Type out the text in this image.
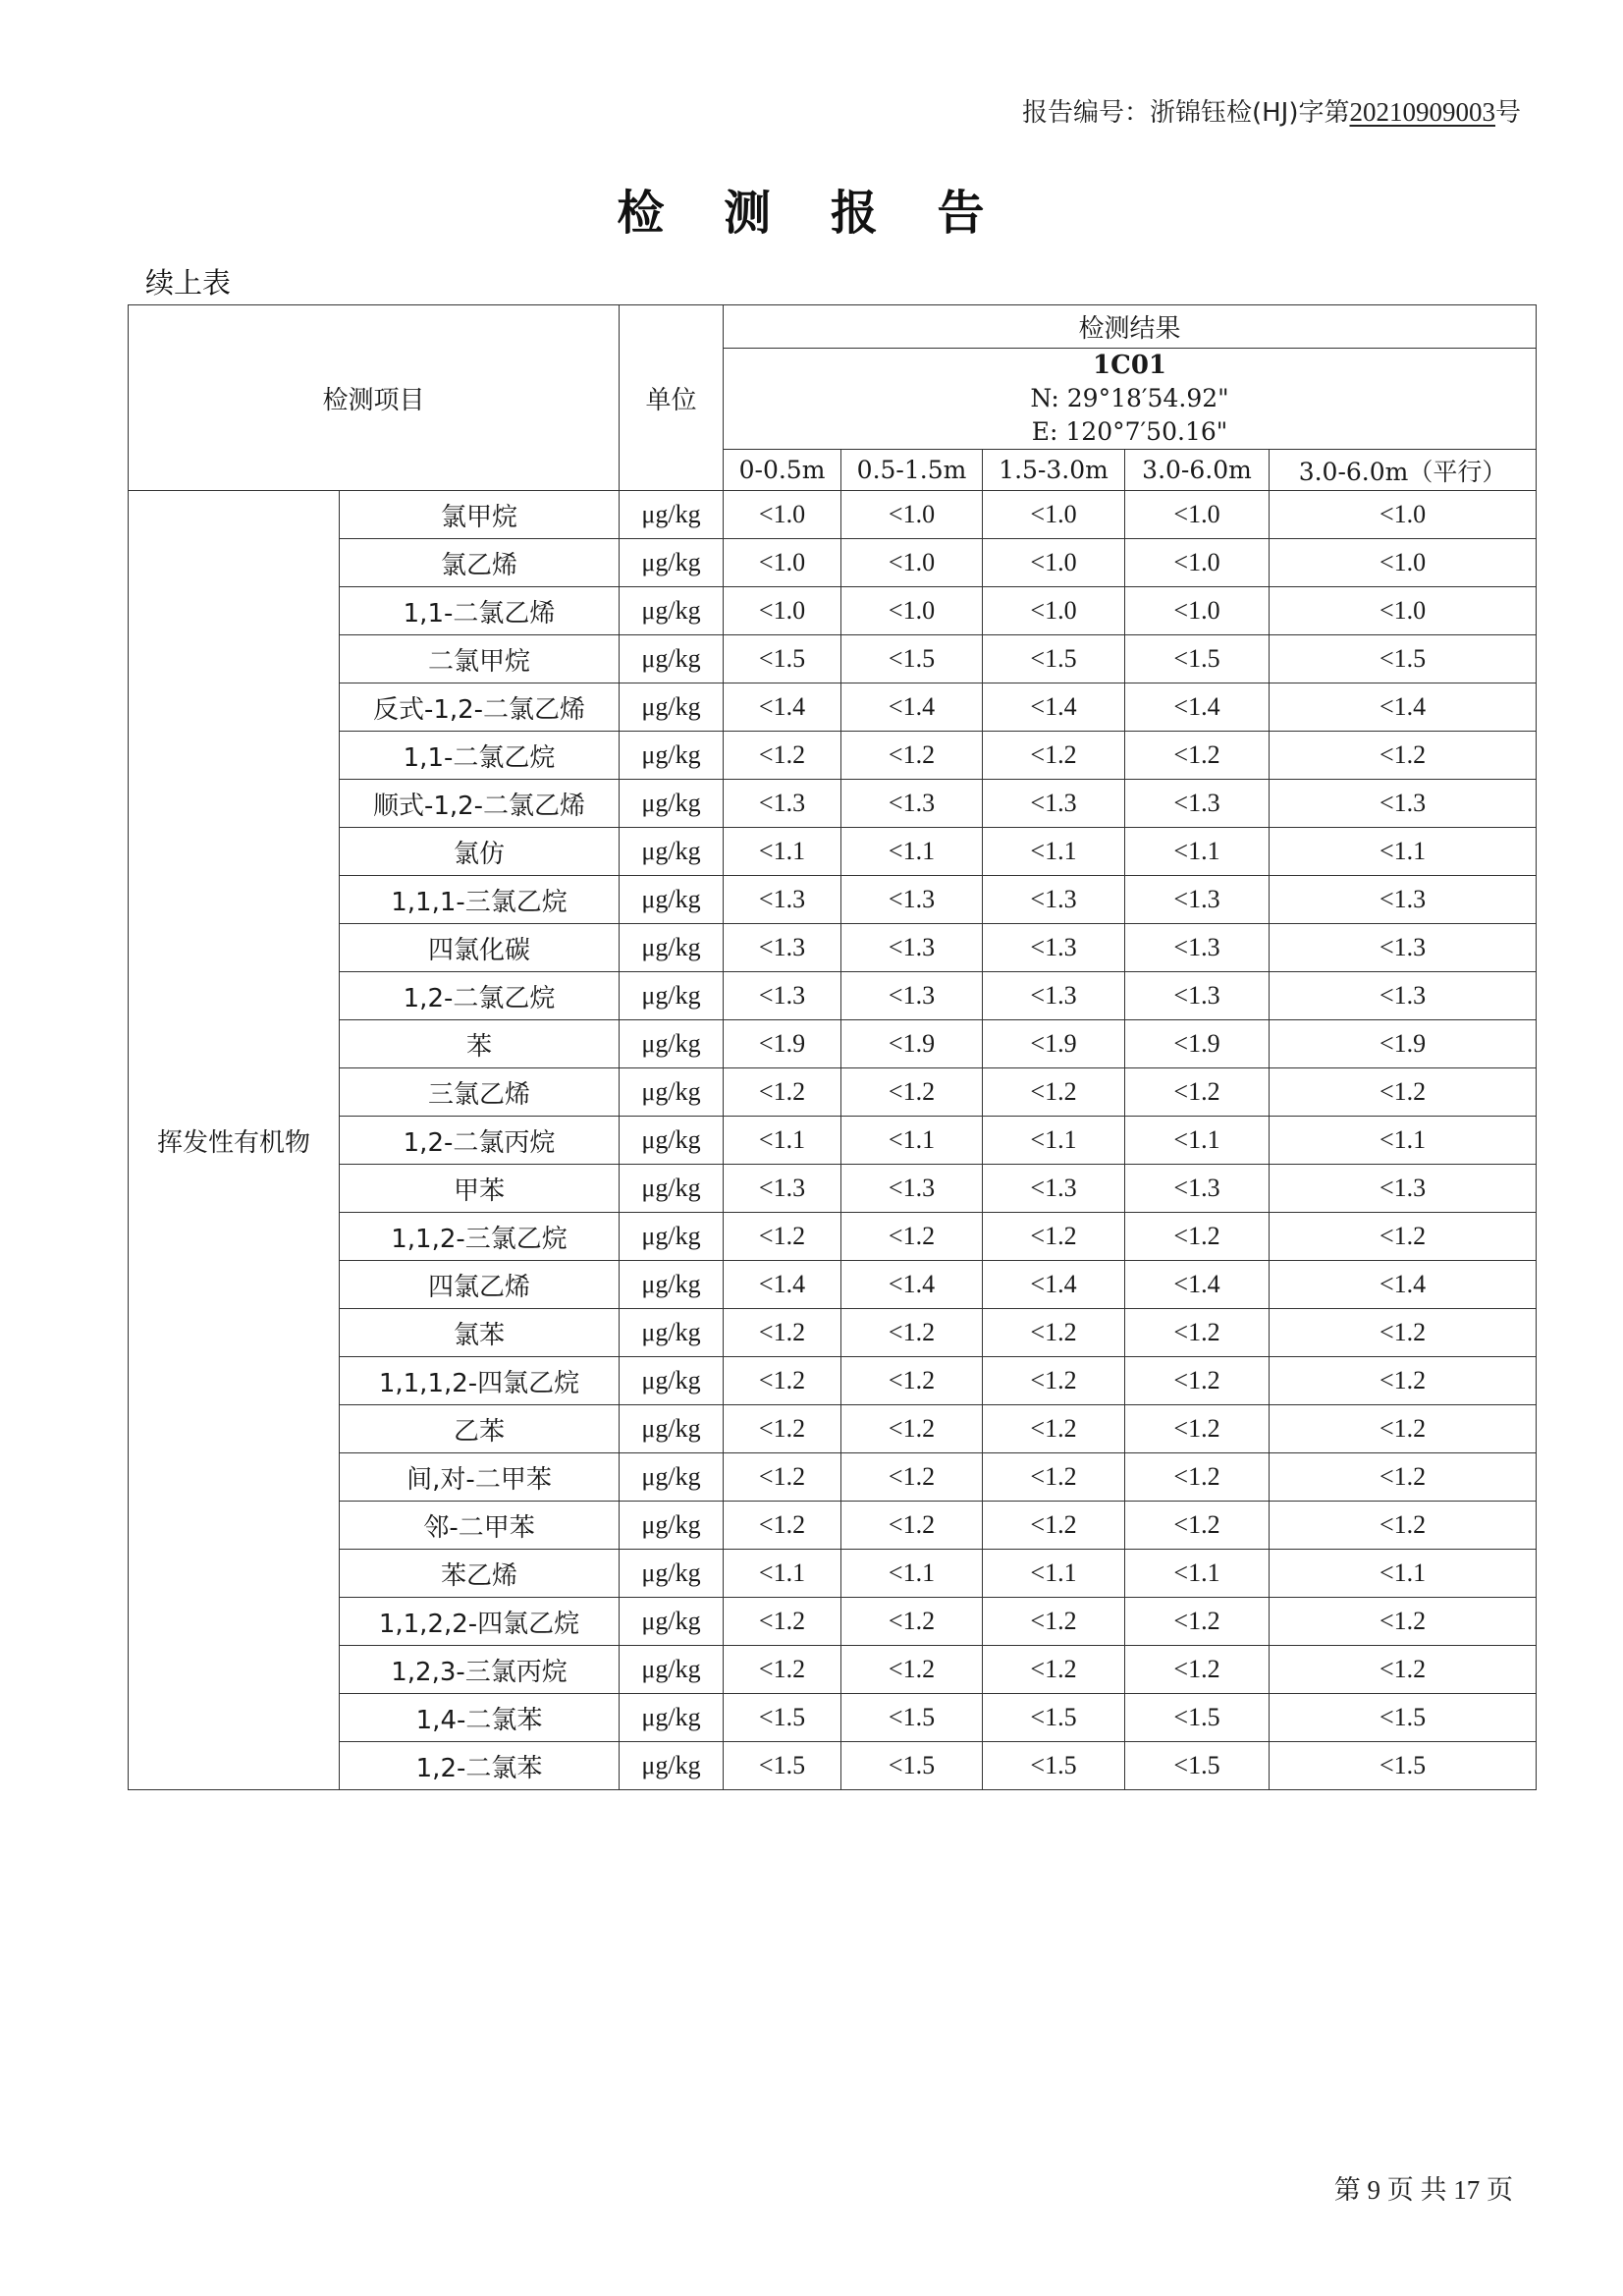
报告编号：浙锦钰检(HJ)字第20210909003号
检 测 报 告
续上表
检测项目		单位	检测结果				

			1C01
N: 29°18′54.92"
E: 120°7′50.16"				

			0-0.5m	0.5-1.5m	1.5-3.0m	3.0-6.0m	3.0-6.0m（平行）
挥发性有机物	氯甲烷	μg/kg	<1.0	<1.0	<1.0	<1.0	<1.0
	氯乙烯	μg/kg	<1.0	<1.0	<1.0	<1.0	<1.0
	1,1-二氯乙烯	μg/kg	<1.0	<1.0	<1.0	<1.0	<1.0
	二氯甲烷	μg/kg	<1.5	<1.5	<1.5	<1.5	<1.5
	反式-1,2-二氯乙烯	μg/kg	<1.4	<1.4	<1.4	<1.4	<1.4
	1,1-二氯乙烷	μg/kg	<1.2	<1.2	<1.2	<1.2	<1.2
	顺式-1,2-二氯乙烯	μg/kg	<1.3	<1.3	<1.3	<1.3	<1.3
	氯仿	μg/kg	<1.1	<1.1	<1.1	<1.1	<1.1
	1,1,1-三氯乙烷	μg/kg	<1.3	<1.3	<1.3	<1.3	<1.3
	四氯化碳	μg/kg	<1.3	<1.3	<1.3	<1.3	<1.3
	1,2-二氯乙烷	μg/kg	<1.3	<1.3	<1.3	<1.3	<1.3
	苯	μg/kg	<1.9	<1.9	<1.9	<1.9	<1.9
	三氯乙烯	μg/kg	<1.2	<1.2	<1.2	<1.2	<1.2
	1,2-二氯丙烷	μg/kg	<1.1	<1.1	<1.1	<1.1	<1.1
	甲苯	μg/kg	<1.3	<1.3	<1.3	<1.3	<1.3
	1,1,2-三氯乙烷	μg/kg	<1.2	<1.2	<1.2	<1.2	<1.2
	四氯乙烯	μg/kg	<1.4	<1.4	<1.4	<1.4	<1.4
	氯苯	μg/kg	<1.2	<1.2	<1.2	<1.2	<1.2
	1,1,1,2-四氯乙烷	μg/kg	<1.2	<1.2	<1.2	<1.2	<1.2
	乙苯	μg/kg	<1.2	<1.2	<1.2	<1.2	<1.2
	间,对-二甲苯	μg/kg	<1.2	<1.2	<1.2	<1.2	<1.2
	邻-二甲苯	μg/kg	<1.2	<1.2	<1.2	<1.2	<1.2
	苯乙烯	μg/kg	<1.1	<1.1	<1.1	<1.1	<1.1
	1,1,2,2-四氯乙烷	μg/kg	<1.2	<1.2	<1.2	<1.2	<1.2
	1,2,3-三氯丙烷	μg/kg	<1.2	<1.2	<1.2	<1.2	<1.2
	1,4-二氯苯	μg/kg	<1.5	<1.5	<1.5	<1.5	<1.5
	1,2-二氯苯	μg/kg	<1.5	<1.5	<1.5	<1.5	<1.5
第 9 页 共 17 页
